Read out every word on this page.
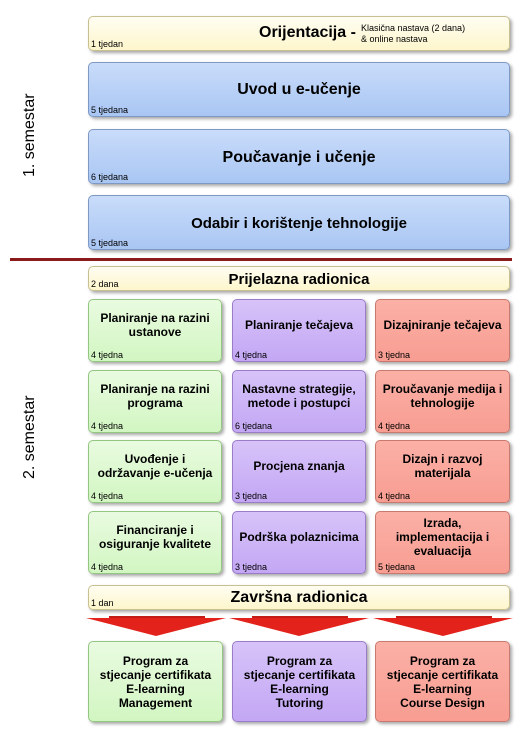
1. semestar
2. semestar
Orijentacija - Klasična nastava (2 dana)
& online nastava
1 tjedan
Uvod u e-učenje
5 tjedana
Poučavanje i učenje
6 tjedana
Odabir i korištenje tehnologije
5 tjedana
Prijelazna radionica
2 dana
Planiranje na razini ustanove
4 tjedna
Planiranje na razini programa
4 tjedna
Uvođenje i održavanje e-učenja
4 tjedna
Financiranje i osiguranje kvalitete
4 tjedna
Planiranje tečajeva
4 tjedna
Nastavne strategije, metode i postupci
6 tjedana
Procjena znanja
3 tjedna
Podrška polaznicima
3 tjedna
Dizajniranje tečajeva
3 tjedna
Proučavanje medija i tehnologije
4 tjedna
Dizajn i razvoj materijala
4 tjedna
Izrada, implementacija i evaluacija
5 tjedana
Završna radionica
1 dan
Program za
stjecanje certifikata
E-learning
Management
Program za
stjecanje certifikata
E-learning
Tutoring
Program za
stjecanje certifikata
E-learning
Course Design
